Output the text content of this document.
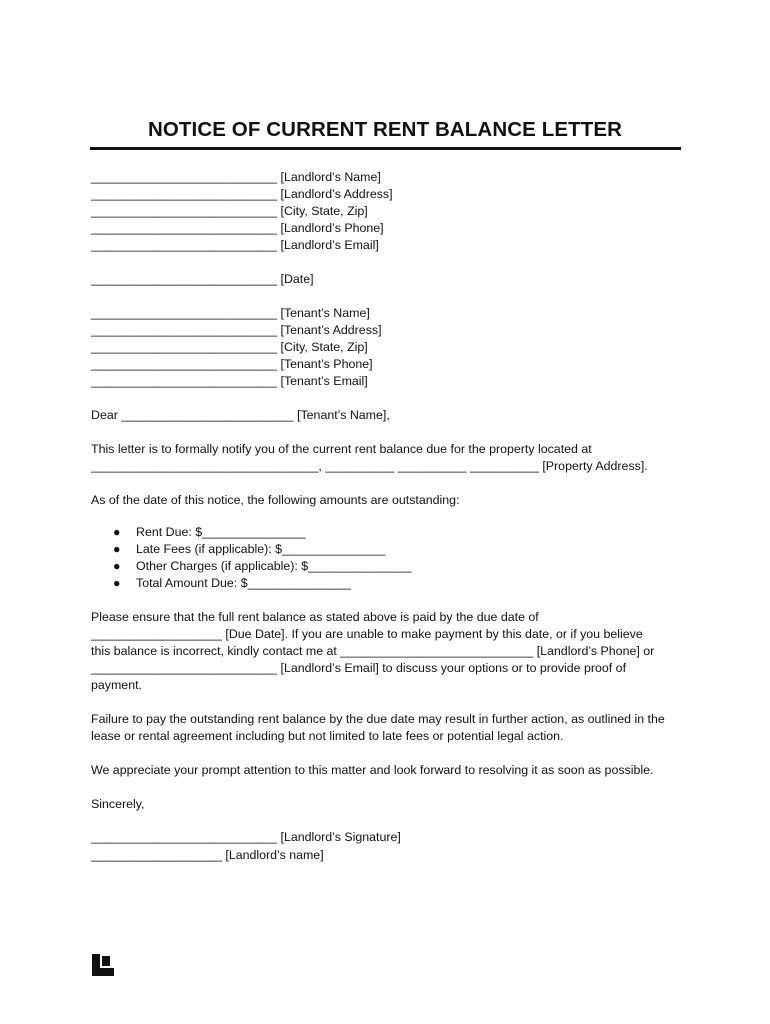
NOTICE OF CURRENT RENT BALANCE LETTER
___________________________ [Landlord’s Name]
___________________________ [Landlord’s Address]
___________________________ [City, State, Zip]
___________________________ [Landlord’s Phone]
___________________________ [Landlord’s Email]
___________________________ [Date]
___________________________ [Tenant’s Name]
___________________________ [Tenant’s Address]
___________________________ [City, State, Zip]
___________________________ [Tenant’s Phone]
___________________________ [Tenant’s Email]
Dear _________________________ [Tenant’s Name],
This letter is to formally notify you of the current rent balance due for the property located at
_________________________________, __________ __________ __________ [Property Address].
As of the date of this notice, the following amounts are outstanding:
● Rent Due: $_______________
● Late Fees (if applicable): $_______________
● Other Charges (if applicable): $_______________
● Total Amount Due: $_______________
Please ensure that the full rent balance as stated above is paid by the due date of
___________________ [Due Date]. If you are unable to make payment by this date, or if you believe
this balance is incorrect, kindly contact me at ____________________________ [Landlord’s Phone] or
___________________________ [Landlord’s Email] to discuss your options or to provide proof of
payment.
Failure to pay the outstanding rent balance by the due date may result in further action, as outlined in the
lease or rental agreement including but not limited to late fees or potential legal action.
We appreciate your prompt attention to this matter and look forward to resolving it as soon as possible.
Sincerely,
___________________________ [Landlord’s Signature]
___________________ [Landlord’s name]
